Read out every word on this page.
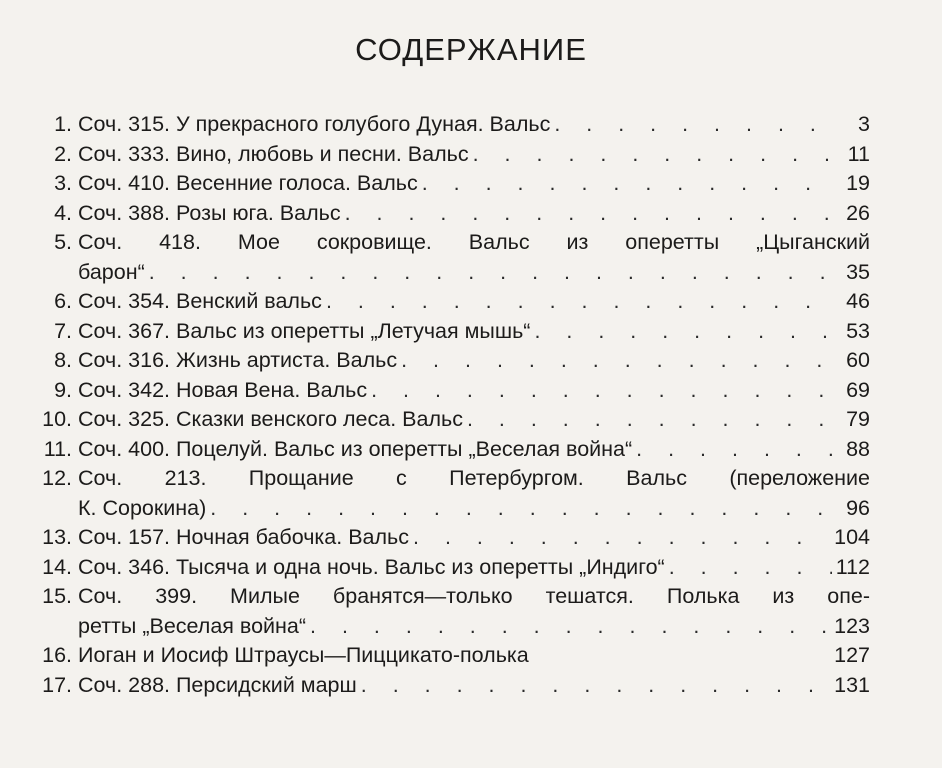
СОДЕРЖАНИЕ
1. Соч. 315. У прекрасного голубого Дуная. Вальс . . .	3
2. Соч. 333. Вино, любовь и песни. Вальс . . .	11
3. Соч. 410. Весенние голоса. Вальс . . .	19
4. Соч. 388. Розы юга. Вальс . . .	26
5. Соч. 418. Мое сокровище. Вальс из оперетты „Цыганский
барон“ . . .	35
6. Соч. 354. Венский вальс . . .	46
7. Соч. 367. Вальс из оперетты „Летучая мышь“ . . .	53
8. Соч. 316. Жизнь артиста. Вальс . . .	60
9. Соч. 342. Новая Вена. Вальс . . .	69
10. Соч. 325. Сказки венского леса. Вальс . . .	79
11. Соч. 400. Поцелуй. Вальс из оперетты „Веселая война“ . . .	88
12. Соч. 213. Прощание с Петербургом. Вальс (переложение
К. Сорокина) . . .	96
13. Соч. 157. Ночная бабочка. Вальс . . .	104
14. Соч. 346. Тысяча и одна ночь. Вальс из оперетты „Индиго“ . . .	112
15. Соч. 399. Милые бранятся—только тешатся. Полька из опе-
ретты „Веселая война“ . . .	123
16. Иоган и Иосиф Штраусы—Пиццикато-полька	127
17. Соч. 288. Персидский марш . . .	131
